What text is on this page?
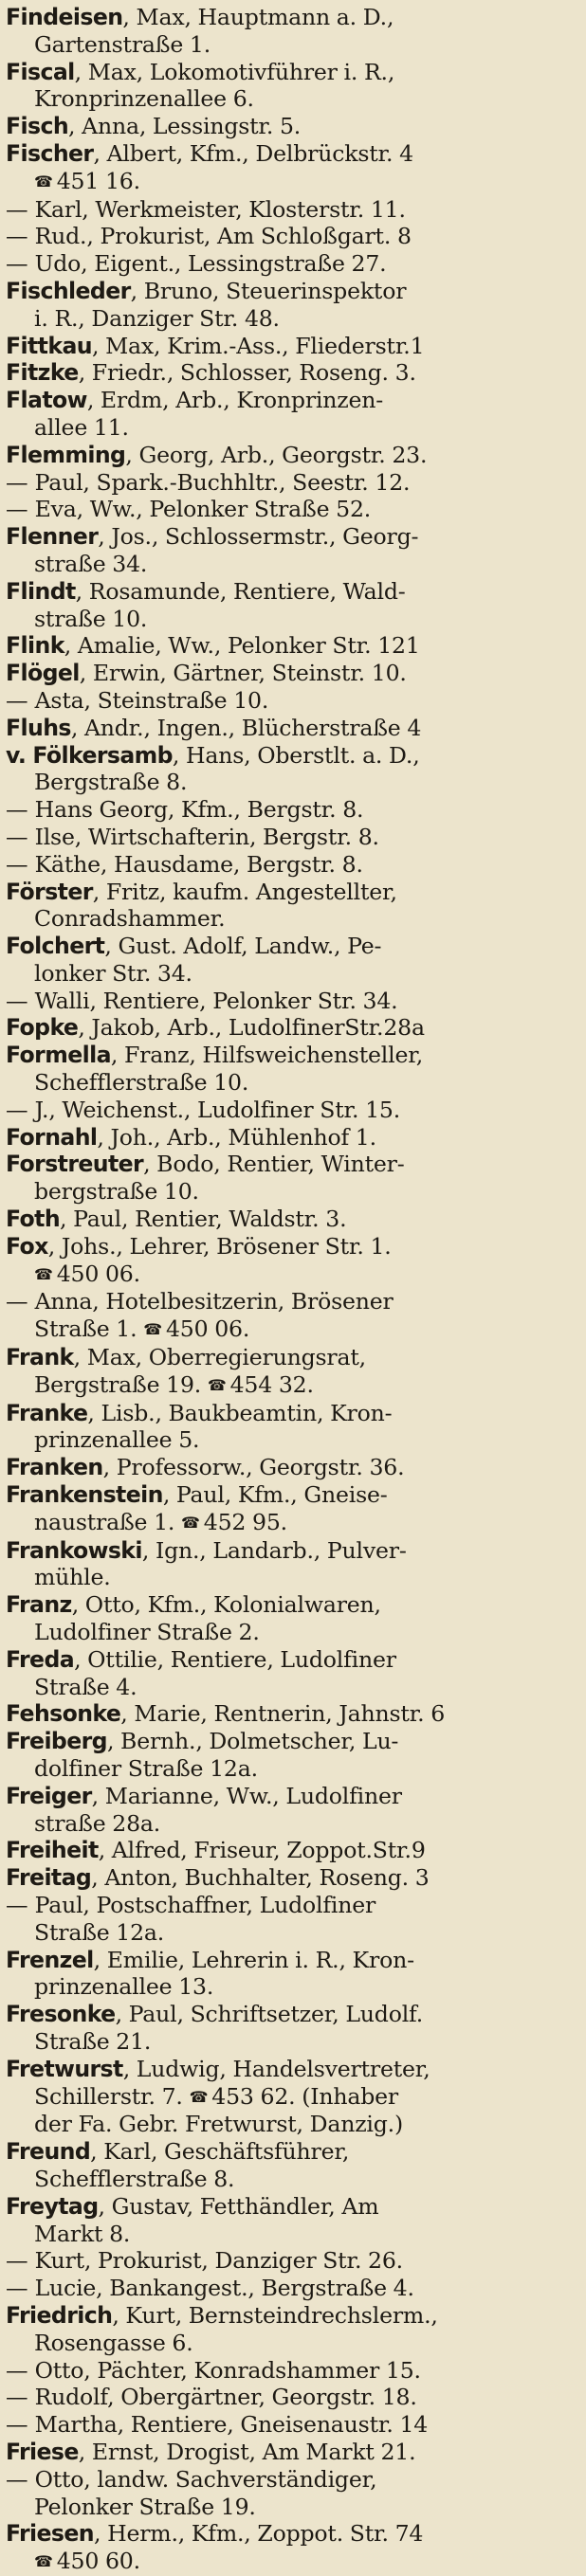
Findeisen, Max, Hauptmann a. D.,
Gartenstraße 1.

Fiscal, Max, Lokomotivführer i. R.,
Kronprinzenallee 6.

Fisch, Anna, Lessingstr. 5.

Fischer, Albert, Kfm., Delbrückstr. 4
☎ 451 16.

— Karl, Werkmeister, Klosterstr. 11.

— Rud., Prokurist, Am Schloßgart. 8

— Udo, Eigent., Lessingstraße 27.

Fischleder, Bruno, Steuerinspektor
i. R., Danziger Str. 48.

Fittkau, Max, Krim.-Ass., Fliederstr.1

Fitzke, Friedr., Schlosser, Roseng. 3.

Flatow, Erdm, Arb., Kronprinzen-
allee 11.

Flemming, Georg, Arb., Georgstr. 23.

— Paul, Spark.-Buchhltr., Seestr. 12.

— Eva, Ww., Pelonker Straße 52.

Flenner, Jos., Schlossermstr., Georg-
straße 34.

Flindt, Rosamunde, Rentiere, Wald-
straße 10.

Flink, Amalie, Ww., Pelonker Str. 121

Flögel, Erwin, Gärtner, Steinstr. 10.

— Asta, Steinstraße 10.

Fluhs, Andr., Ingen., Blücherstraße 4

v. Fölkersamb, Hans, Oberstlt. a. D.,
Bergstraße 8.

— Hans Georg, Kfm., Bergstr. 8.

— Ilse, Wirtschafterin, Bergstr. 8.

— Käthe, Hausdame, Bergstr. 8.

Förster, Fritz, kaufm. Angestellter,
Conradshammer.

Folchert, Gust. Adolf, Landw., Pe-
lonker Str. 34.

— Walli, Rentiere, Pelonker Str. 34.

Fopke, Jakob, Arb., LudolfinerStr.28a

Formella, Franz, Hilfsweichensteller,
Schefflerstraße 10.

— J., Weichenst., Ludolfiner Str. 15.

Fornahl, Joh., Arb., Mühlenhof 1.

Forstreuter, Bodo, Rentier, Winter-
bergstraße 10.

Foth, Paul, Rentier, Waldstr. 3.

Fox, Johs., Lehrer, Brösener Str. 1.
☎ 450 06.

— Anna, Hotelbesitzerin, Brösener
Straße 1. ☎ 450 06.

Frank, Max, Oberregierungsrat,
Bergstraße 19. ☎ 454 32.

Franke, Lisb., Baukbeamtin, Kron-
prinzenallee 5.

Franken, Professorw., Georgstr. 36.

Frankenstein, Paul, Kfm., Gneise-
naustraße 1. ☎ 452 95.

Frankowski, Ign., Landarb., Pulver-
mühle.

Franz, Otto, Kfm., Kolonialwaren,
Ludolfiner Straße 2.

Freda, Ottilie, Rentiere, Ludolfiner
Straße 4.

Fehsonke, Marie, Rentnerin, Jahnstr. 6

Freiberg, Bernh., Dolmetscher, Lu-
dolfiner Straße 12a.

Freiger, Marianne, Ww., Ludolfiner
straße 28a.

Freiheit, Alfred, Friseur, Zoppot.Str.9

Freitag, Anton, Buchhalter, Roseng. 3

— Paul, Postschaffner, Ludolfiner
Straße 12a.

Frenzel, Emilie, Lehrerin i. R., Kron-
prinzenallee 13.

Fresonke, Paul, Schriftsetzer, Ludolf.
Straße 21.

Fretwurst, Ludwig, Handelsvertreter,
Schillerstr. 7. ☎ 453 62. (Inhaber
der Fa. Gebr. Fretwurst, Danzig.)

Freund, Karl, Geschäftsführer,
Schefflerstraße 8.

Freytag, Gustav, Fetthändler, Am
Markt 8.

— Kurt, Prokurist, Danziger Str. 26.

— Lucie, Bankangest., Bergstraße 4.

Friedrich, Kurt, Bernsteindrechslerm.,
Rosengasse 6.

— Otto, Pächter, Konradshammer 15.

— Rudolf, Obergärtner, Georgstr. 18.

— Martha, Rentiere, Gneisenaustr. 14

Friese, Ernst, Drogist, Am Markt 21.

— Otto, landw. Sachverständiger,
Pelonker Straße 19.

Friesen, Herm., Kfm., Zoppot. Str. 74
☎ 450 60.
